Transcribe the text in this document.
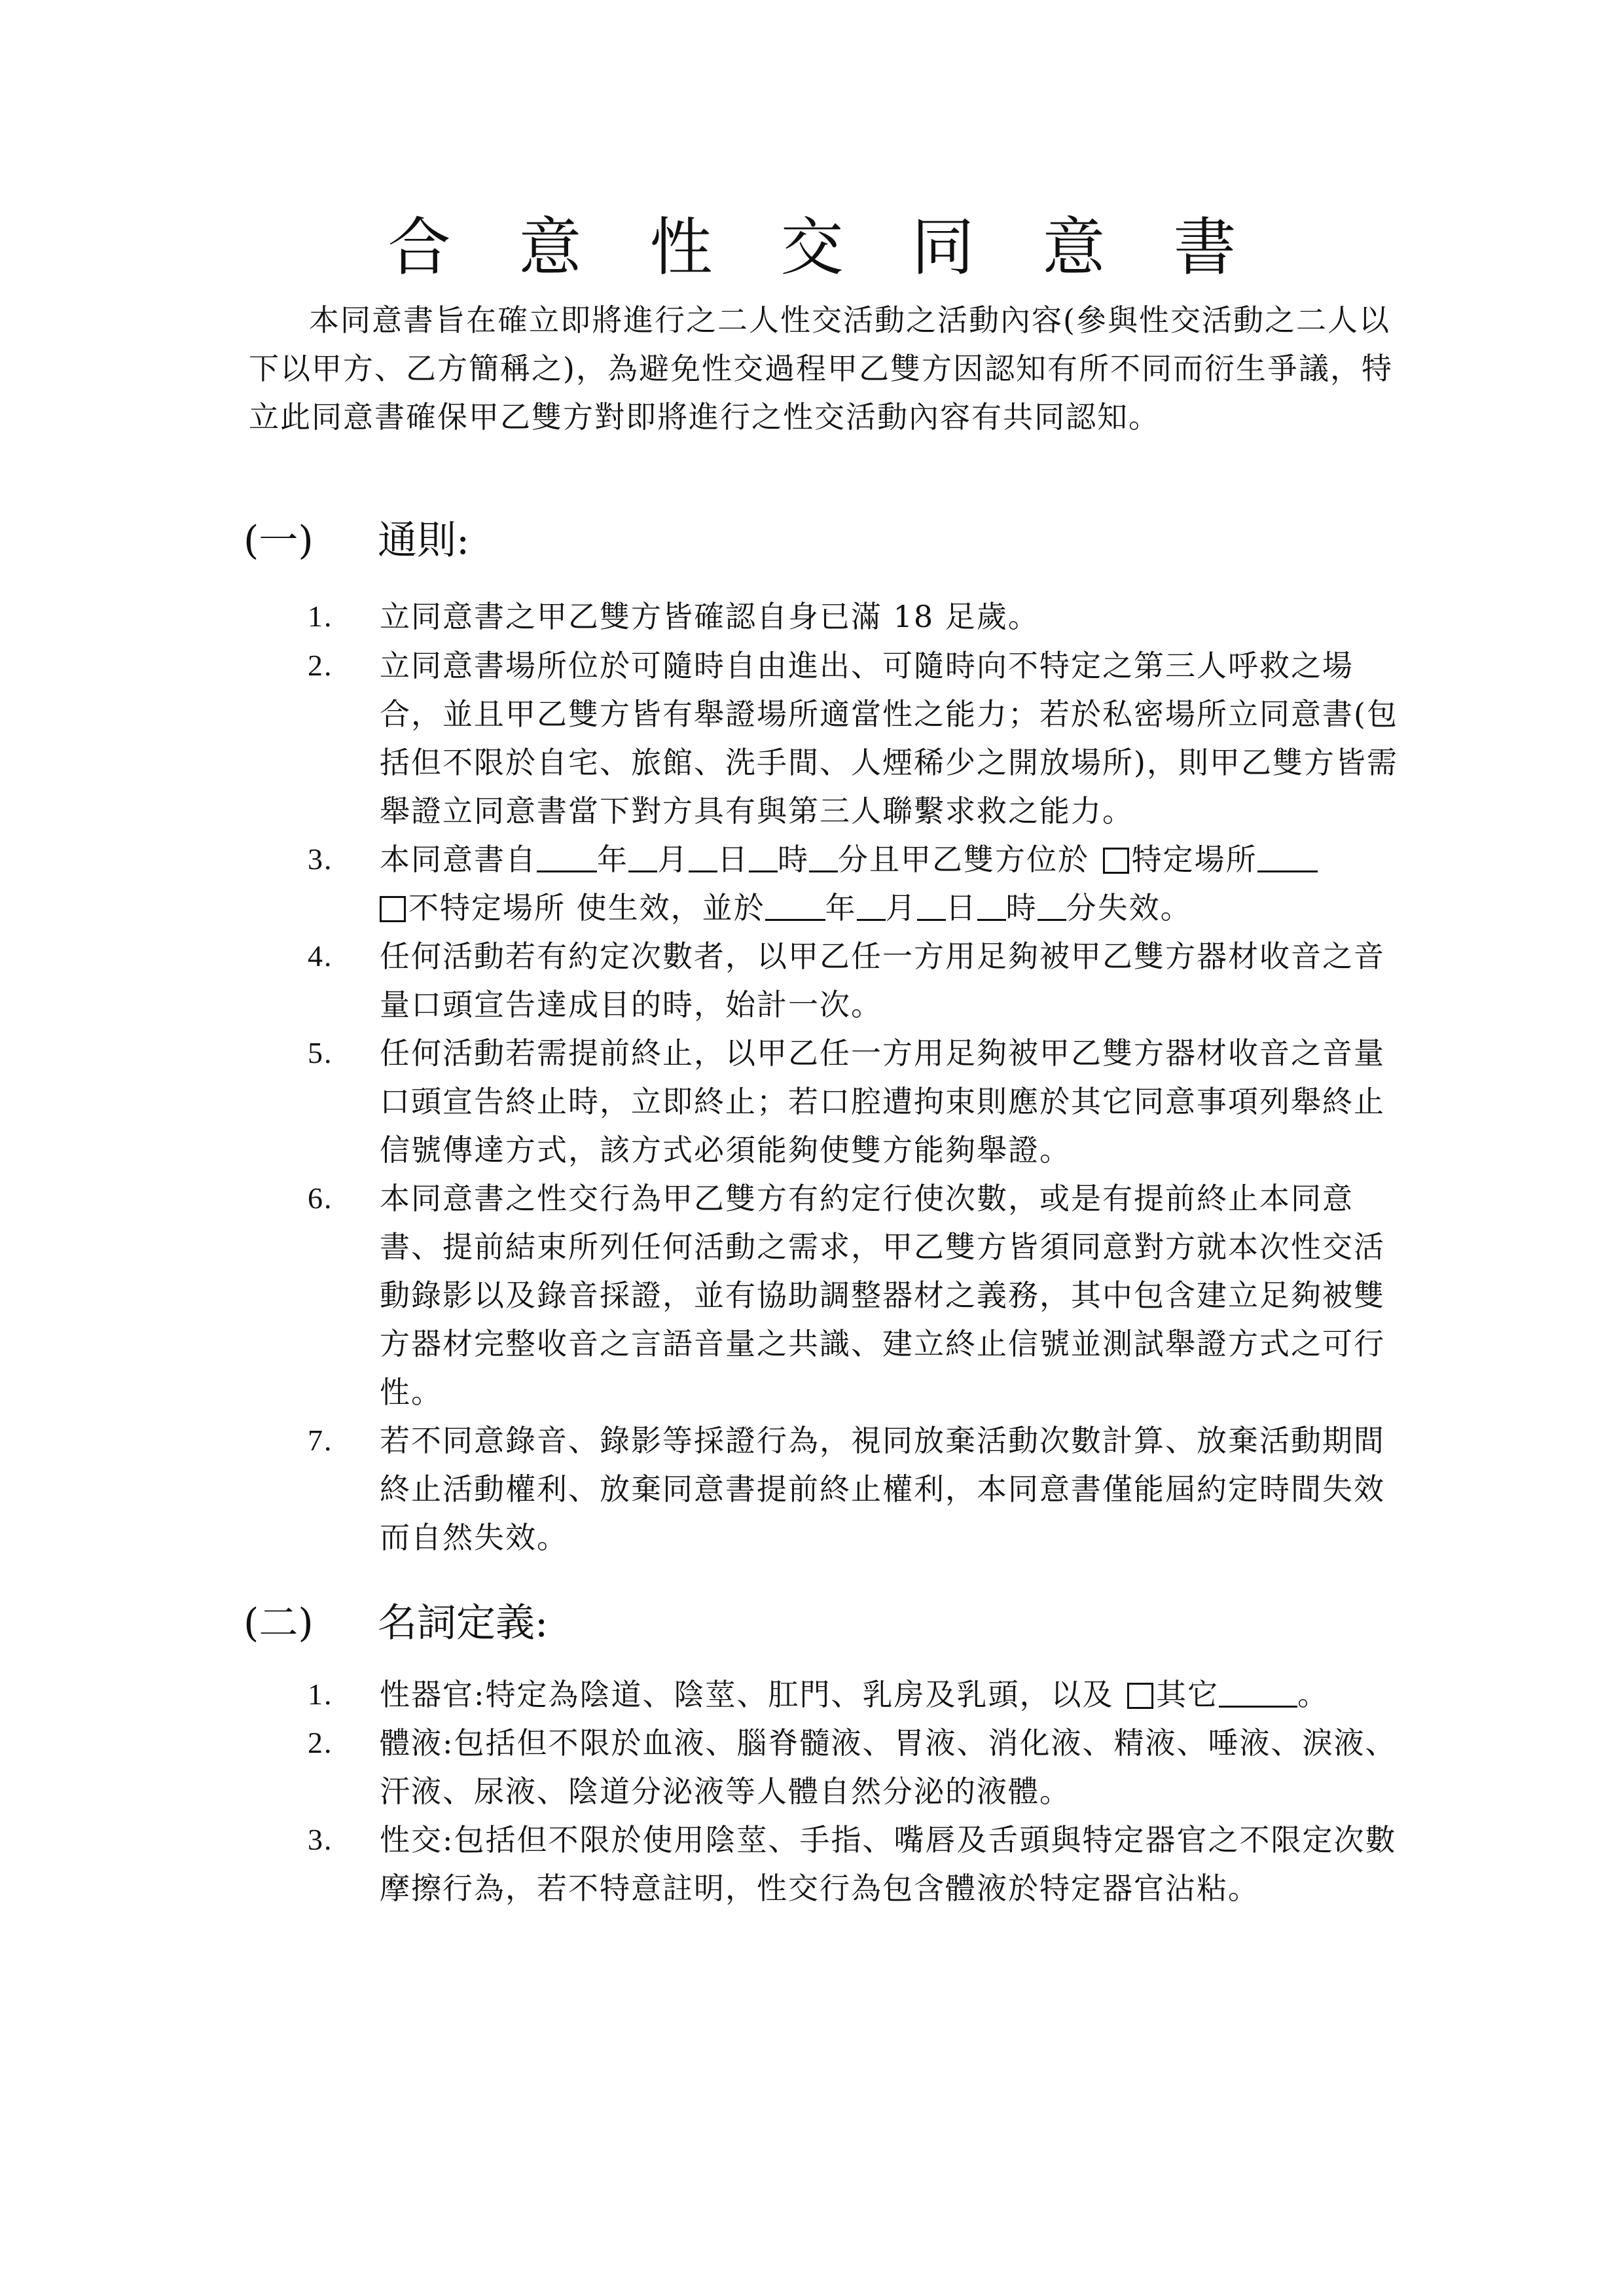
合意性交同意書

本同意書旨在確立即將進行之二人性交活動之活動內容(參與性交活動之二人以下以甲方、乙方簡稱之)，為避免性交過程甲乙雙方因認知有所不同而衍生爭議，特立此同意書確保甲乙雙方對即將進行之性交活動內容有共同認知。

(一) 通則:

1.	立同意書之甲乙雙方皆確認自身已滿 18 足歲。

2.	立同意書場所位於可隨時自由進出、可隨時向不特定之第三人呼救之場合，並且甲乙雙方皆有舉證場所適當性之能力；若於私密場所立同意書(包括但不限於自宅、旅館、洗手間、人煙稀少之開放場所)，則甲乙雙方皆需舉證立同意書當下對方具有與第三人聯繫求救之能力。

3.	本同意書自 年 月 日 時 分且甲乙雙方位於 特定場所
不特定場所 使生效，並於 年 月 日 時 分失效。

4.	任何活動若有約定次數者，以甲乙任一方用足夠被甲乙雙方器材收音之音量口頭宣告達成目的時，始計一次。

5.	任何活動若需提前終止，以甲乙任一方用足夠被甲乙雙方器材收音之音量口頭宣告終止時，立即終止；若口腔遭拘束則應於其它同意事項列舉終止信號傳達方式，該方式必須能夠使雙方能夠舉證。

6.	本同意書之性交行為甲乙雙方有約定行使次數，或是有提前終止本同意書、提前結束所列任何活動之需求，甲乙雙方皆須同意對方就本次性交活動錄影以及錄音採證，並有協助調整器材之義務，其中包含建立足夠被雙方器材完整收音之言語音量之共識、建立終止信號並測試舉證方式之可行性。

7.	若不同意錄音、錄影等採證行為，視同放棄活動次數計算、放棄活動期間終止活動權利、放棄同意書提前終止權利，本同意書僅能屆約定時間失效而自然失效。

(二) 名詞定義:

1.	性器官:特定為陰道、陰莖、肛門、乳房及乳頭，以及 其它	。

2.	體液:包括但不限於血液、腦脊髓液、胃液、消化液、精液、唾液、淚液、汗液、尿液、陰道分泌液等人體自然分泌的液體。

3.	性交:包括但不限於使用陰莖、手指、嘴唇及舌頭與特定器官之不限定次數摩擦行為，若不特意註明，性交行為包含體液於特定器官沾粘。
